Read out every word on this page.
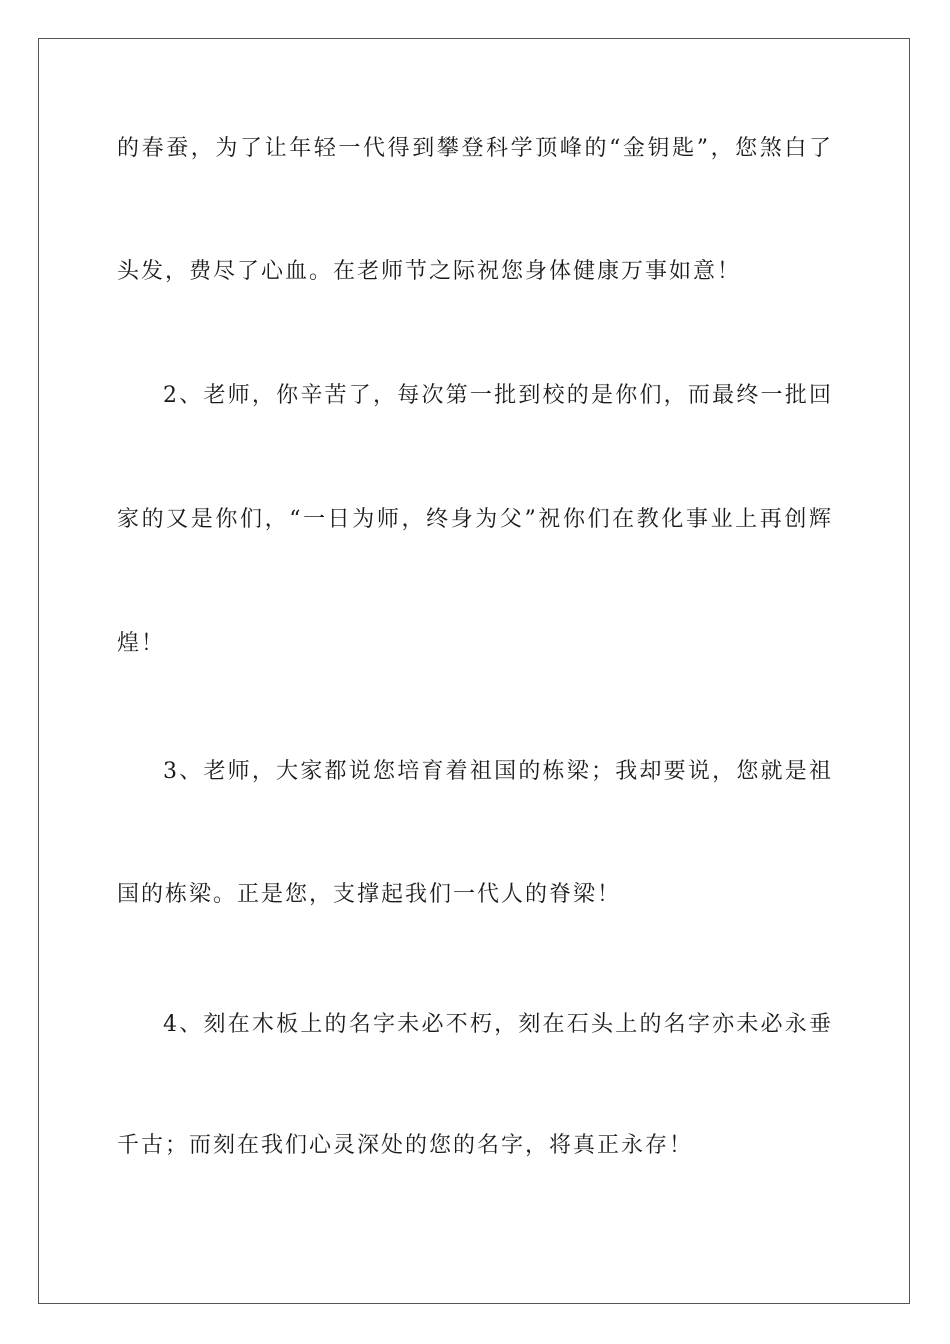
的春蚕，为了让年轻一代得到攀登科学顶峰的“金钥匙”，您煞白了
头发，费尽了心血。在老师节之际祝您身体健康万事如意！
2、老师，你辛苦了，每次第一批到校的是你们，而最终一批回
家的又是你们，“一日为师，终身为父”祝你们在教化事业上再创辉
煌！
3、老师，大家都说您培育着祖国的栋梁；我却要说，您就是祖
国的栋梁。正是您，支撑起我们一代人的脊梁！
4、刻在木板上的名字未必不朽，刻在石头上的名字亦未必永垂
千古；而刻在我们心灵深处的您的名字，将真正永存！
